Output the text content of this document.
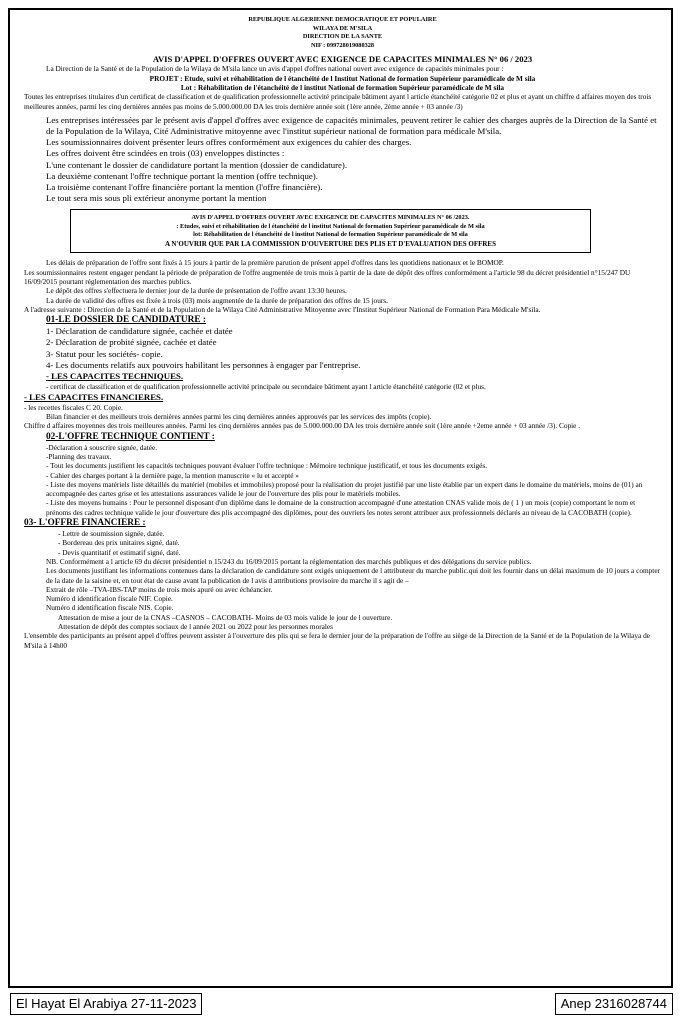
REPUBLIQUE ALGERIENNE DEMOCRATIQUE ET POPULAIRE
WILAYA DE M'SILA
DIRECTION DE LA SANTE
NIF : 099728019080328
AVIS D'APPEL D'OFFRES OUVERT AVEC EXIGENCE DE CAPACITES MINIMALES N° 06 / 2023

La Direction de la Santé et de la Population de la Wilaya de M'sila lance un avis d'appel d'offres national ouvert avec exigence de capacités minimales pour :

PROJET : Etude, suivi et réhabilitation de l étanchéité de l Institut National de formation Supérieur paramédicale de M sila

Lot : Réhabilitation de l'étanchéité de l institut National de formation Supérieur paramédicale de M sila

Toutes les entreprises titulaires d'un certificat de classification et de qualification professionnelle activité principale bâtiment ayant l article étanchéité catégorie 02 et plus et ayant un chiffre d affaires moyen des trois meilleures années, parmi les cinq dernières années pas moins de 5.000.000.00 DA les trois dernière année soit (1ère année, 2ème année + 03 année /3)

Les entreprises intéressées par le présent avis d'appel d'offres avec exigence de capacités minimales, peuvent retirer le cahier des charges auprès de la Direction de la Santé et de la Population de la Wilaya, Cité Administrative mitoyenne avec l'institut supérieur national de formation para médicale M'sila.

Les soumissionnaires doivent présenter leurs offres conformément aux exigences du cahier des charges.

Les offres doivent être scindées en trois (03) enveloppes distinctes :

L'une contenant le dossier de candidature portant la mention (dossier de candidature).

La deuxième contenant l'offre technique portant la mention (offre technique).

La troisième contenant l'offre financière portant la mention (l'offre financière).

Le tout sera mis sous pli extérieur anonyme portant la mention

AVIS D'APPEL D'OFFRES OUVERT AVEC EXIGENCE DE CAPACITES MINIMALES N° 06 /2023.
: Etudes, suivi et réhabilitation de l étanchéité de l institut National de formation Supérieur paramédicale de M sila
lot: Réhabilitation de l étanchéité de l institut National de formation Supérieur paramédicale de M sila
A N'OUVRIR QUE PAR LA COMMISSION D'OUVERTURE DES PLIS ET D'EVALUATION DES OFFRES

Les délais de préparation de l'offre sont fixés à 15 jours à partir de la première parution de présent appel d'offres dans les quotidiens nationaux et le BOMOP.

Les soumissionnaires restent engager pendant la période de préparation de l'offre augmentée de trois mois à partir de la date de dépôt des offres conformément a l'article 98 du décret présidentiel n°15/247 DU 16/09/2015 pourtant réglementation des marches publics.

Le dépôt des offres s'effectuera le dernier jour de la durée de présentation de l'offre avant 13:30 heures.

La durée de validité des offres est fixée à trois (03) mois augmentée de la durée de préparation des offres de 15 jours.

A l'adresse suivante : Direction de la Santé et de la Population de la Wilaya Cité Administrative Mitoyenne avec l'Institut Supérieur National de Formation Para Médicale M'sila.

01-LE DOSSIER DE CANDIDATURE :

1- Déclaration de candidature signée, cachée et datée

2- Déclaration de probité signée, cachée et datée

3- Statut pour les sociétés- copie.

4- Les documents relatifs aux pouvoirs habilitant les personnes à engager par l'entreprise.

- LES CAPACITES TECHNIQUES.

- certificat de classification et de qualification professionnelle activité principale ou secondaire bâtiment ayant l article étanchéité catégorie (02 et plus.

- LES CAPACITES FINANCIERES.

- les recettes fiscales C 20. Copie.

Bilan financier et des meilleurs trois dernières années parmi les cinq dernières années approuvés par les services des impôts (copie).

Chiffre d affaires moyennes des trois meilleures années. Parmi les cinq dernières années pas de 5.000.000.00 DA les trois dernière année soit (1ère année +2eme année + 03 année /3). Copie .

02-L'OFFRE TECHNIQUE CONTIENT :

-Déclaration à souscrire signée, datée.

-Planning des travaux.

- Tout les documents justifient les capacités techniques pouvant évaluer l'offre technique : Mémoire technique justificatif, et tous les documents exigés.

- Cahier des charges portant à la dernière page, la mention manuscrite « lu et accepté »

- Liste des moyens matériels liste détaillés du matériel (mobiles et immobiles) proposé pour la réalisation du projet justifié par une liste établie par un expert dans le domaine du matériels, moins de (01) an accompagnée des cartes grise et les attestations assurances valide le jour de l'ouverture des plis pour le matériels mobiles.

- Liste des moyens humains : Pour le personnel disposant d'un diplôme dans le domaine de la construction accompagné d'une attestation CNAS valide mois de ( 1 ) un mois (copie) comportant le nom et prénoms des cadres technique valide le jour d'ouverture des plis accompagné des diplômes, pour des ouvriers les notes seront attribuer aux professionnels déclarés au niveau de la CACOBATH (copie).

03- L'OFFRE FINANCIERE :

- Lettre de soumission signée, datée.

- Bordereau des prix unitaires signé, daté.

- Devis quantitatif et estimatif signé, daté.

NB. Conformément a l article 69 du décret présidentiel n 15/243 du 16/09/2015 portant la réglementation des marchés publiques et des délégations du service publics.

Les documents justifiant les informations contenues dans la déclaration de candidature sont exigés uniquement de l attributeur du marche public.qui doit les fournir dans un délai maximum de 10 jours a compter de la date de la saisine et, en tout état de cause avant la publication de l avis d attributions provisoire du marche il s agit de –

Extrait de rôle –TVA-IBS-TAP moins de trois mois apuré ou avec échéancier.

Numéro d identification fiscale NIF. Copie.

Numéro d identification fiscale NIS. Copie.

Attestation de mise a jour de la CNAS –CASNOS – CACOBATH- Moins de 03 mois valide le jour de l ouverture.

Attestation de dépôt des comptes sociaux de l année 2021 ou 2022 pour les personnes morales

L'ensemble des participants au présent appel d'offres peuvent assister à l'ouverture des plis qui se fera le dernier jour de la préparation de l'offre au siège de la Direction de la Santé et de la Population de la Wilaya de M'sila à 14h00

El Hayat El Arabiya 27-11-2023	Anep 2316028744
